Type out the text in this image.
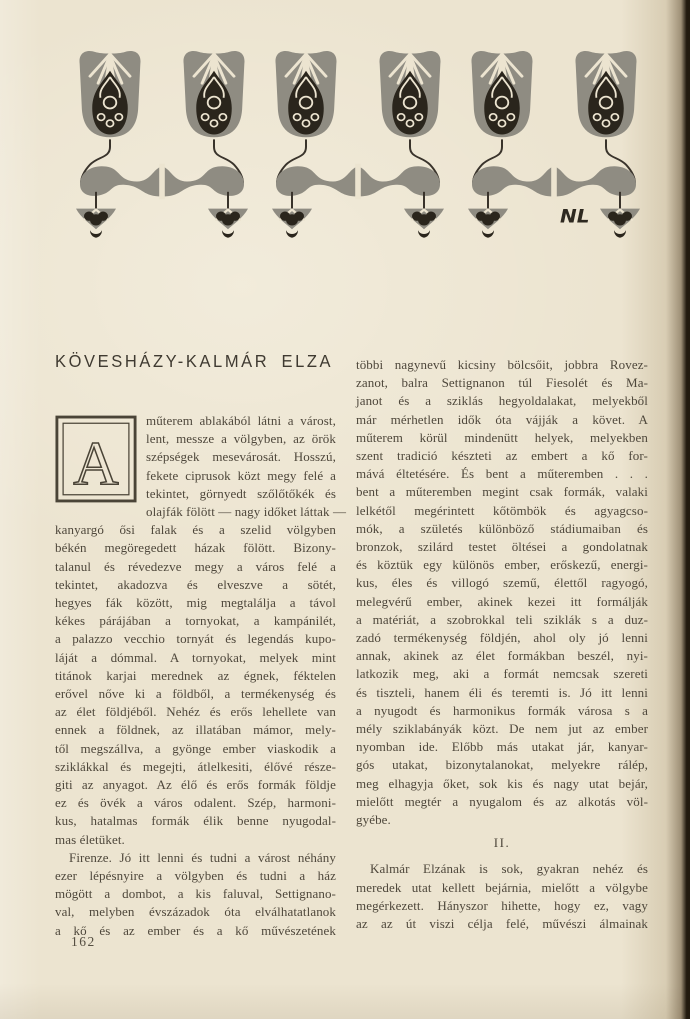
NL
KÖVESHÁZY-KALMÁR ELZA
A
műterem ablakából látni a várost,
lent, messze a völgyben, az örök
szépségek mesevárosát. Hosszú,
fekete ciprusok közt megy felé a
tekintet, görnyedt szőlőtőkék és
olajfák fölött — nagy időket láttak —
kanyargó ősi falak és a szelid völgyben
békén megöregedett házak fölött. Bizony-
talanul és révedezve megy a város felé a
tekintet, akadozva és elveszve a sötét,
hegyes fák között, mig megtalálja a távol
kékes párájában a tornyokat, a kampánilét,
a palazzo vecchio tornyát és legendás kupo-
láját a dómmal. A tornyokat, melyek mint
titánok karjai merednek az égnek, féktelen
erővel nőve ki a földből, a termékenység és
az élet földjéből. Nehéz és erős lehellete van
ennek a földnek, az illatában mámor, mely-
től megszállva, a gyönge ember viaskodik a
sziklákkal és megejti, átlelkesiti, élővé része-
giti az anyagot. Az élő és erős formák földje
ez és övék a város odalent. Szép, harmoni-
kus, hatalmas formák élik benne nyugodal-
mas életüket.
Firenze. Jó itt lenni és tudni a várost néhány
ezer lépésnyire a völgyben és tudni a ház
mögött a dombot, a kis faluval, Settignano-
val, melyben évszázadok óta elválhatatlanok
a kő és az ember és a kő művészetének
többi nagynevű kicsiny bölcsőit, jobbra Rovez-
zanot, balra Settignanon túl Fiesolét és Ma-
janot és a sziklás hegyoldalakat, melyekből
már mérhetlen idők óta vájják a követ. A
műterem körül mindenütt helyek, melyekben
szent tradició készteti az embert a kő for-
mává éltetésére. És bent a műteremben . . .
bent a műteremben megint csak formák, valaki
lelkétől megérintett kőtömbök és agyagcso-
mók, a születés különböző stádiumaiban és
bronzok, szilárd testet öltései a gondolatnak
és köztük egy különös ember, erőskezű, energi-
kus, éles és villogó szemű, élettől ragyogó,
melegvérű ember, akinek kezei itt formálják
a matériát, a szobrokkal teli sziklák s a duz-
zadó termékenység földjén, ahol oly jó lenni
annak, akinek az élet formákban beszél, nyi-
latkozik meg, aki a formát nemcsak szereti
és tiszteli, hanem éli és teremti is. Jó itt lenni
a nyugodt és harmonikus formák városa s a
mély sziklabányák közt. De nem jut az ember
nyomban ide. Előbb más utakat jár, kanyar-
gós utakat, bizonytalanokat, melyekre rálép,
meg elhagyja őket, sok kis és nagy utat bejár,
mielőtt megtér a nyugalom és az alkotás völ-
gyébe.
II.
Kalmár Elzának is sok, gyakran nehéz és
meredek utat kellett bejárnia, mielőtt a völgybe
megérkezett. Hányszor hihette, hogy ez, vagy
az az út viszi célja felé, művészi álmainak
162
